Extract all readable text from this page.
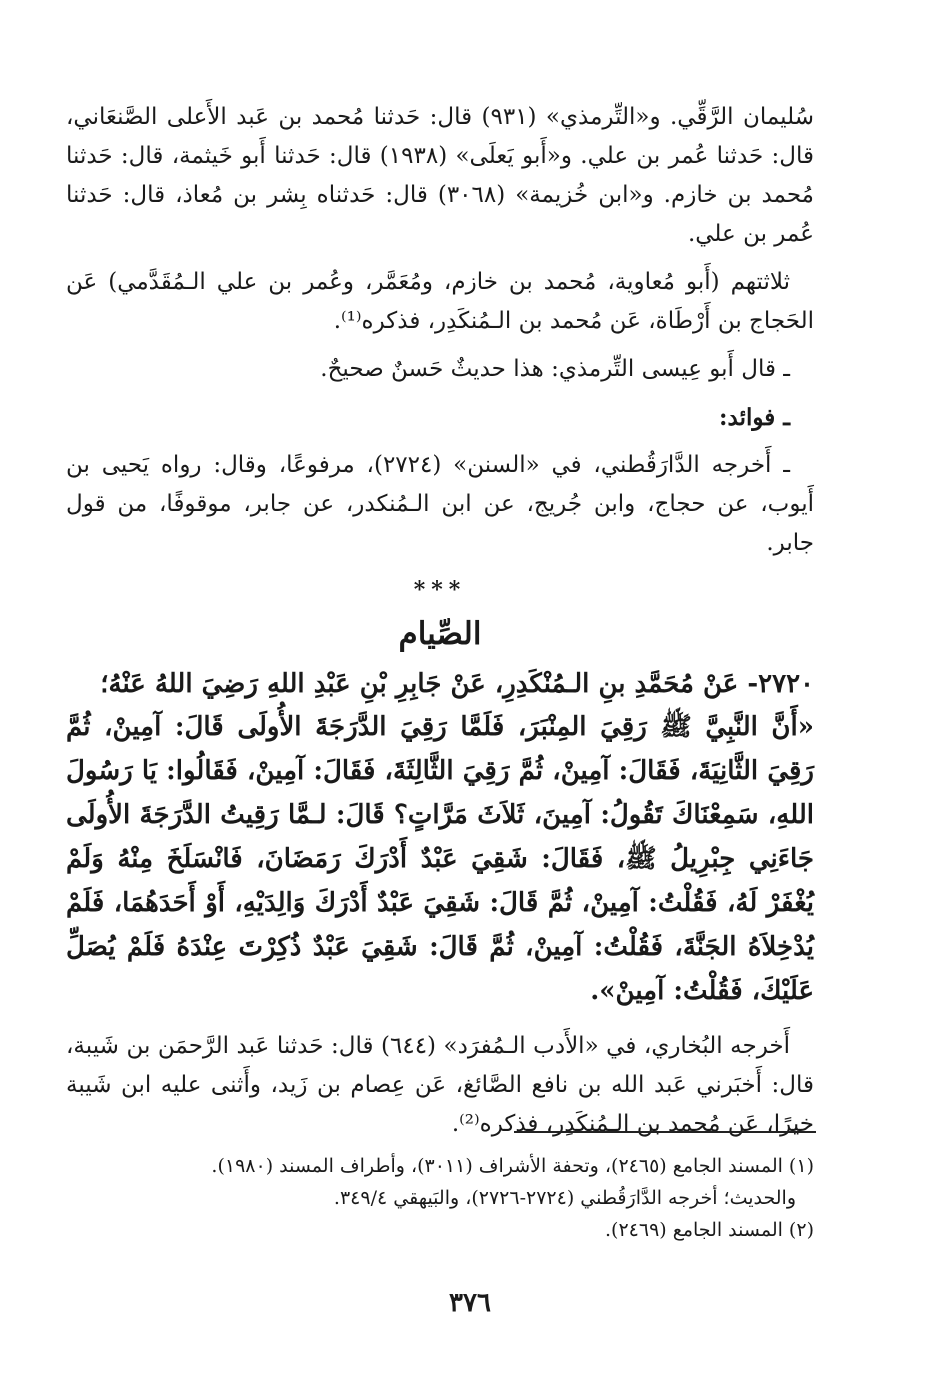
سُليمان الرَّقِّي. و«التِّرمذي» (٩٣١) قال: حَدثنا مُحمد بن عَبد الأَعلى الصَّنعَاني، قال: حَدثنا عُمر بن علي. و«أَبو يَعلَى» (١٩٣٨) قال: حَدثنا أَبو خَيثمة، قال: حَدثنا مُحمد بن خازم. و«ابن خُزيمة» (٣٠٦٨) قال: حَدثناه بِشر بن مُعاذ، قال: حَدثنا عُمر بن علي.

ثلاثتهم (أَبو مُعاوية، مُحمد بن خازم، ومُعَمَّر، وعُمر بن علي الـمُقَدَّمي) عَن الحَجاج بن أَرْطَاة، عَن مُحمد بن الـمُنكَدِر، فذكره⁽¹⁾.

ـ قال أَبو عِيسى التِّرمذي: هذا حديثٌ حَسنٌ صحيحٌ.

ـ فوائد:

ـ أَخرجه الدَّارَقُطني، في «السنن» (٢٧٢٤)، مرفوعًا، وقال: رواه يَحيى بن أَيوب، عن حجاج، وابن جُريج، عن ابن الـمُنكدر، عن جابر، موقوفًا، من قول جابر.

***
الصِّيام

٢٧٢٠- عَنْ مُحَمَّدِ بنِ الـمُنْكَدِرِ، عَنْ جَابِرِ بْنِ عَبْدِ اللهِ رَضِيَ اللهُ عَنْهُ؛

«أَنَّ النَّبِيَّ ﷺ رَقِيَ المِنْبَرَ، فَلَمَّا رَقِيَ الدَّرَجَةَ الأُولَى قَالَ: آمِينْ، ثُمَّ رَقِيَ الثَّانِيَةَ، فَقَالَ: آمِينْ، ثُمَّ رَقِيَ الثَّالِثَةَ، فَقَالَ: آمِينْ، فَقَالُوا: يَا رَسُولَ اللهِ، سَمِعْنَاكَ تَقُولُ: آمِينَ، ثَلاَثَ مَرَّاتٍ؟ قَالَ: لـمَّا رَقِيتُ الدَّرَجَةَ الأُولَى جَاءَنِي جِبْرِيلُ ﷺ، فَقَالَ: شَقِيَ عَبْدٌ أَدْرَكَ رَمَضَانَ، فَانْسَلَخَ مِنْهُ وَلَمْ يُغْفَرْ لَهُ، فَقُلْتُ: آمِينْ، ثُمَّ قَالَ: شَقِيَ عَبْدٌ أَدْرَكَ وَالِدَيْهِ، أَوْ أَحَدَهُمَا، فَلَمْ يُدْخِلاَهُ الجَنَّةَ، فَقُلْتُ: آمِينْ، ثُمَّ قَالَ: شَقِيَ عَبْدٌ ذُكِرْتَ عِنْدَهُ فَلَمْ يُصَلِّ عَلَيْكَ، فَقُلْتُ: آمِينْ».

أَخرجه البُخاري، في «الأَدب الـمُفرَد» (٦٤٤) قال: حَدثنا عَبد الرَّحمَن بن شَيبة، قال: أَخبَرني عَبد الله بن نافع الصَّائغ، عَن عِصام بن زَيد، وأَثنى عليه ابن شَيبة خيرًا، عَن مُحمد بن الـمُنكَدِر، فذكره⁽²⁾.

(١) المسند الجامع (٢٤٦٥)، وتحفة الأشراف (٣٠١١)، وأطراف المسند (١٩٨٠).

والحديث؛ أخرجه الدَّارَقُطني (٢٧٢٤-٢٧٢٦)، والبَيهقي ٣٤٩/٤.

(٢) المسند الجامع (٢٤٦٩).

٣٧٦
